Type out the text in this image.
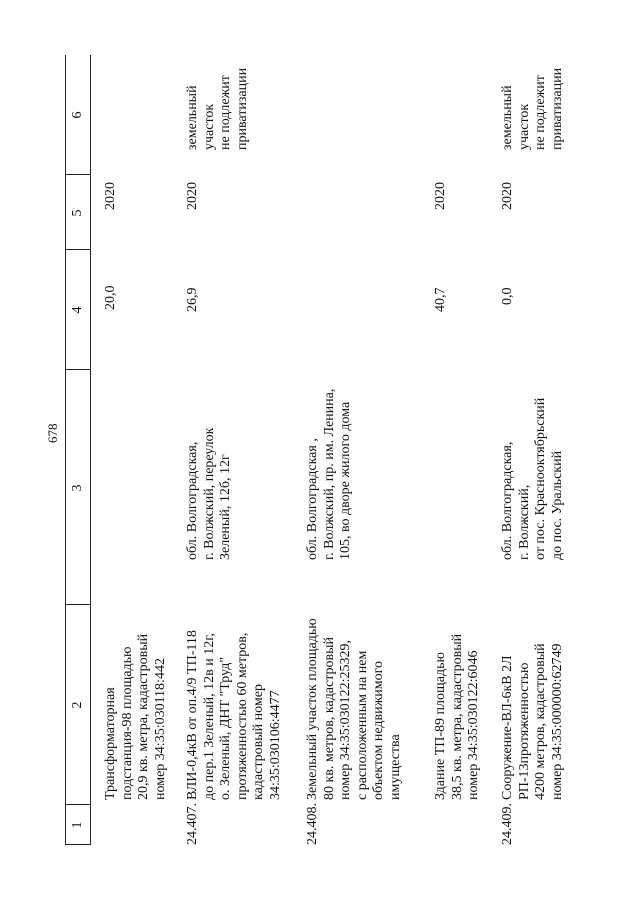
678
1
2
3
4
5
6
Трансформаторная
подстанция-98 площадью
20,9 кв. метра, кадастровый
номер 34:35:030118:442
20,0
2020
24.407.
ВЛИ-0,4кВ от оп.4/9 ТП-118
до пер.1 Зеленый, 12в и 12г,
о. Зеленый, ДНТ "Труд"
протяженностью 60 метров,
кадастровый номер
34:35:030106:4477
обл. Волгоградская,
г. Волжский, переулок
Зеленый, 12б, 12г
26,9
2020
земельный
участок
не подлежит
приватизации
24.408.
Земельный участок площадью
80 кв. метров, кадастровый
номер 34:35:030122:25329,
с расположенным на нем
объектом недвижимого
имущества
обл. Волгоградская ,
г. Волжский, пр. им. Ленина,
105, во дворе жилого дома
Здание ТП-89 площадью
38,5 кв. метра, кадастровый
номер 34:35:030122:6046
40,7
2020
24.409.
Сооружение-ВЛ-6кВ 2Л
РП-13протяженностью
4200 метров, кадастровый
номер 34:35:000000:62749
обл. Волгоградская,
г. Волжский,
от пос. Краснооктябрьский
до пос. Уральский
0,0
2020
земельный
участок
не подлежит
приватизации
